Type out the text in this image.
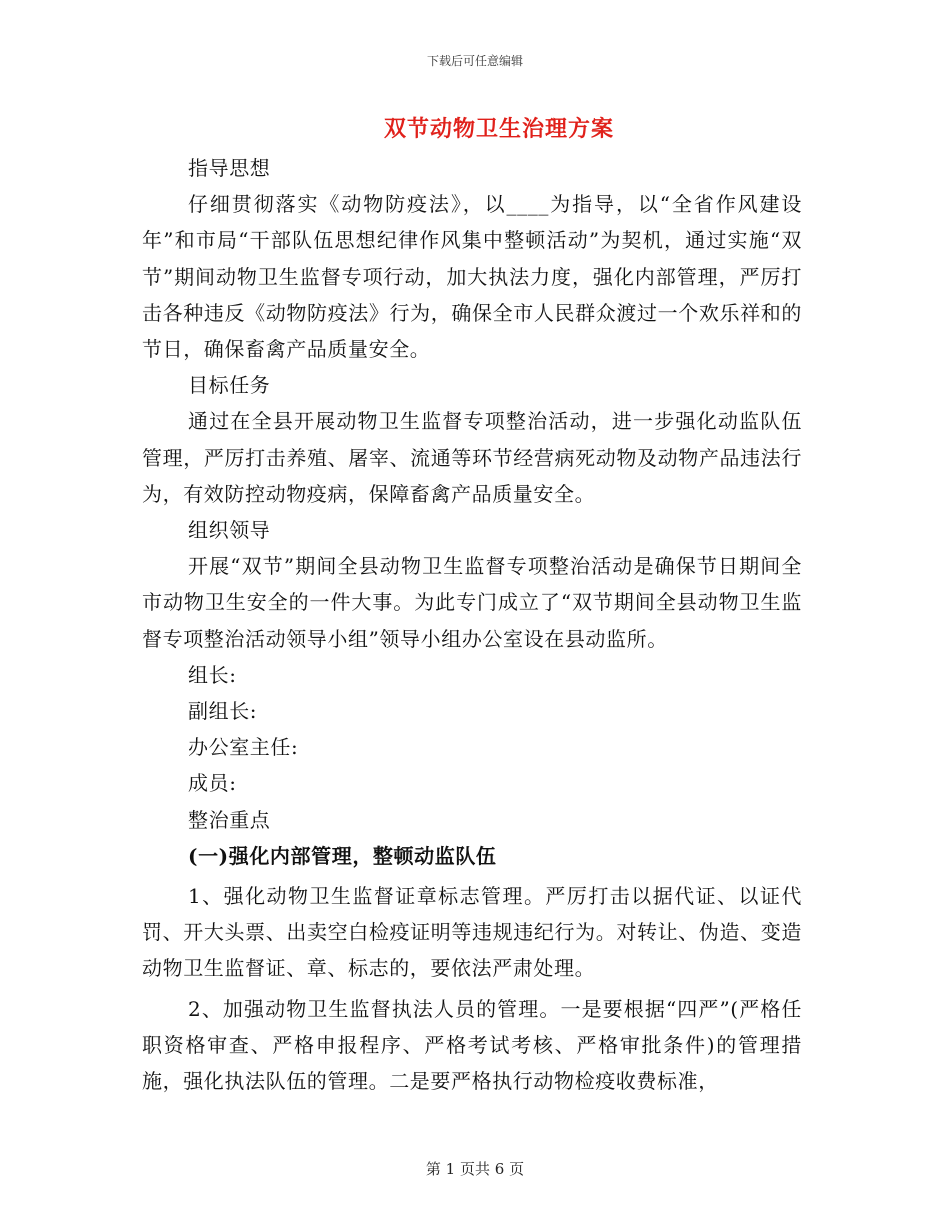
下载后可任意编辑
双节动物卫生治理方案

指导思想

仔细贯彻落实《动物防疫法》，以____为指导，以“全省作风建设年”和市局“干部队伍思想纪律作风集中整顿活动”为契机，通过实施“双节”期间动物卫生监督专项行动，加大执法力度，强化内部管理，严厉打击各种违反《动物防疫法》行为，确保全市人民群众渡过一个欢乐祥和的节日，确保畜禽产品质量安全。

目标任务

通过在全县开展动物卫生监督专项整治活动，进一步强化动监队伍管理，严厉打击养殖、屠宰、流通等环节经营病死动物及动物产品违法行为，有效防控动物疫病，保障畜禽产品质量安全。

组织领导

开展“双节”期间全县动物卫生监督专项整治活动是确保节日期间全市动物卫生安全的一件大事。为此专门成立了“双节期间全县动物卫生监督专项整治活动领导小组”领导小组办公室设在县动监所。

组长:

副组长:

办公室主任:

成员:

整治重点

(一)强化内部管理，整顿动监队伍

1、强化动物卫生监督证章标志管理。严厉打击以据代证、以证代罚、开大头票、出卖空白检疫证明等违规违纪行为。对转让、伪造、变造动物卫生监督证、章、标志的，要依法严肃处理。

2、加强动物卫生监督执法人员的管理。一是要根据“四严”(严格任职资格审查、严格申报程序、严格考试考核、严格审批条件)的管理措施，强化执法队伍的管理。二是要严格执行动物检疫收费标准，

第 1 页共 6 页
